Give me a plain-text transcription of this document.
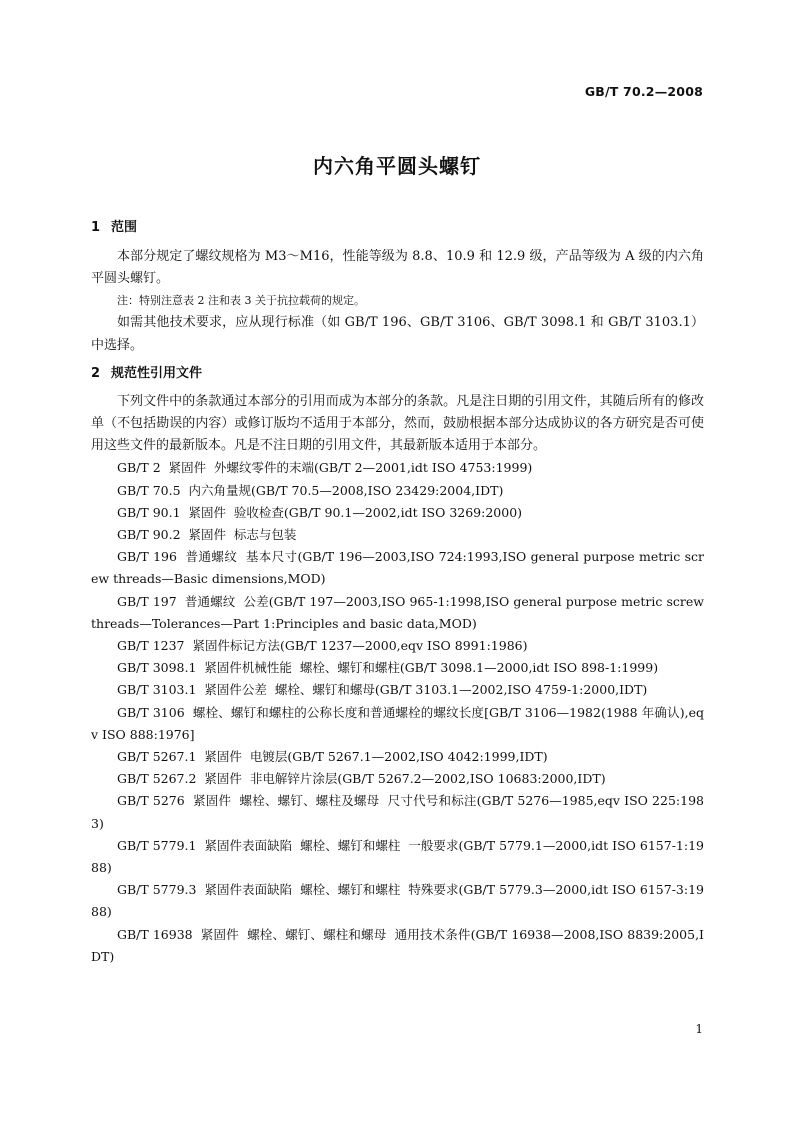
GB/T 70.2—2008
内六角平圆头螺钉
1 范围

本部分规定了螺纹规格为 M3～M16，性能等级为 8.8、10.9 和 12.9 级，产品等级为 A 级的内六角平圆头螺钉。

注：特别注意表 2 注和表 3 关于抗拉载荷的规定。

如需其他技术要求，应从现行标准（如 GB/T 196、GB/T 3106、GB/T 3098.1 和 GB/T 3103.1）中选择。

2 规范性引用文件

下列文件中的条款通过本部分的引用而成为本部分的条款。凡是注日期的引用文件，其随后所有的修改单（不包括勘误的内容）或修订版均不适用于本部分，然而，鼓励根据本部分达成协议的各方研究是否可使用这些文件的最新版本。凡是不注日期的引用文件，其最新版本适用于本部分。

GB/T 2  紧固件  外螺纹零件的末端(GB/T 2—2001,idt ISO 4753:1999)

GB/T 70.5  内六角量规(GB/T 70.5—2008,ISO 23429:2004,IDT)

GB/T 90.1  紧固件  验收检查(GB/T 90.1—2002,idt ISO 3269:2000)

GB/T 90.2  紧固件  标志与包装

GB/T 196  普通螺纹  基本尺寸(GB/T 196—2003,ISO 724:1993,ISO general purpose metric screw threads—Basic dimensions,MOD)

GB/T 197  普通螺纹  公差(GB/T 197—2003,ISO 965-1:1998,ISO general purpose metric screw threads—Tolerances—Part 1:Principles and basic data,MOD)

GB/T 1237  紧固件标记方法(GB/T 1237—2000,eqv ISO 8991:1986)

GB/T 3098.1  紧固件机械性能  螺栓、螺钉和螺柱(GB/T 3098.1—2000,idt ISO 898-1:1999)

GB/T 3103.1  紧固件公差  螺栓、螺钉和螺母(GB/T 3103.1—2002,ISO 4759-1:2000,IDT)

GB/T 3106  螺栓、螺钉和螺柱的公称长度和普通螺栓的螺纹长度[GB/T 3106—1982(1988 年确认),eqv ISO 888:1976]

GB/T 5267.1  紧固件  电镀层(GB/T 5267.1—2002,ISO 4042:1999,IDT)

GB/T 5267.2  紧固件  非电解锌片涂层(GB/T 5267.2—2002,ISO 10683:2000,IDT)

GB/T 5276  紧固件  螺栓、螺钉、螺柱及螺母  尺寸代号和标注(GB/T 5276—1985,eqv ISO 225:1983)

GB/T 5779.1  紧固件表面缺陷  螺栓、螺钉和螺柱  一般要求(GB/T 5779.1—2000,idt ISO 6157-1:1988)

GB/T 5779.3  紧固件表面缺陷  螺栓、螺钉和螺柱  特殊要求(GB/T 5779.3—2000,idt ISO 6157-3:1988)

GB/T 16938  紧固件  螺栓、螺钉、螺柱和螺母  通用技术条件(GB/T 16938—2008,ISO 8839:2005,IDT)

1
